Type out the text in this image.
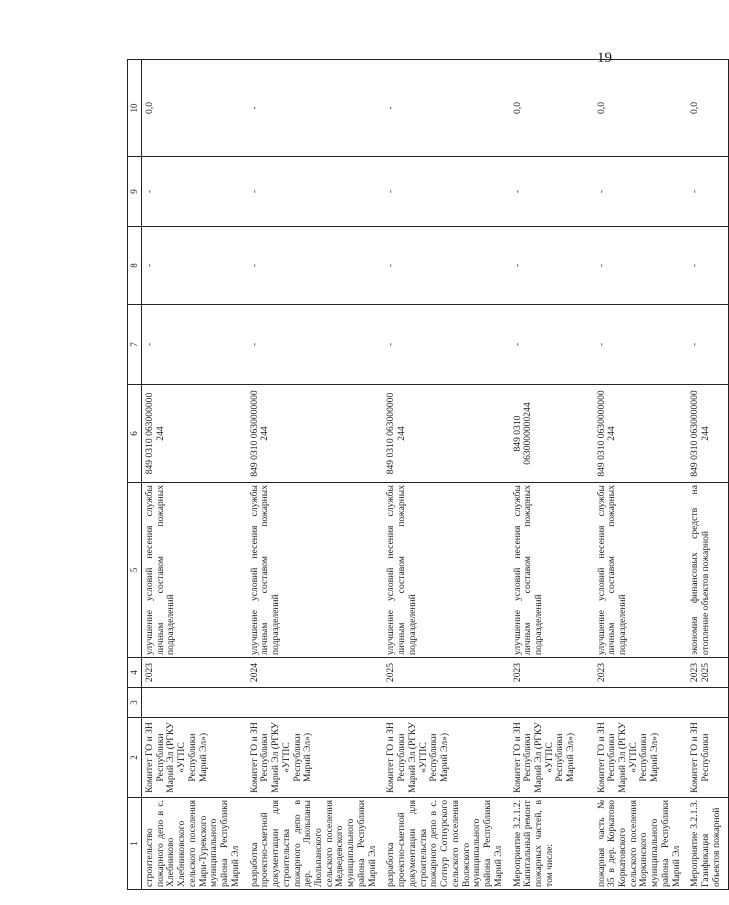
19
1	2	3	4	5	6	7	8	9	10
строительство пожарного депо в с. Хлебниково Хлебниковского сельского поселения Мари-Турекского муниципального района Республики Марий Эл	Комитет ГО и ЗН Республики Марий Эл (РГКУ «УГПС Республики Марий Эл»)		2023	улучшение условий несения службы личным составом пожарных подразделений	849 0310 063000000 244	-	-	-	0,0
разработка проектно-сметной документации для строительства пожарного депо в дер. Люльпаны Люльпанского сельского поселения Медведевского муниципального района Республики Марий Эл	Комитет ГО и ЗН Республики Марий Эл (РГКУ «УГПС Республики Марий Эл»)		2024	улучшение условий несения службы личным составом пожарных подразделений	849 0310 0630000000 244	-	-	-	-
разработка проектно-сметной документации для строительства пожарного депо в с. Сотнур Сотнурского сельского поселения Волжского муниципального района Республики Марий Эл	Комитет ГО и ЗН Республики Марий Эл (РГКУ «УГПС Республики Марий Эл»)		2025	улучшение условий несения службы личным составом пожарных подразделений	849 0310 063000000 244	-	-	-	-
Мероприятие 3.2.1.2. Капитальный ремонт пожарных частей, в том числе:	Комитет ГО и ЗН Республики Марий Эл (РГКУ «УГПС Республики Марий Эл»)		2023	улучшение условий несения службы личным составом пожарных подразделений	849 0310 0630000000244	-	-	-	0,0
пожарная часть № 35 в дер. Коркатово Коркатовского сельского поселения Моркинского муниципального района Республики Марий Эл	Комитет ГО и ЗН Республики Марий Эл (РГКУ «УГПС Республики Марий Эл»)		2023	улучшение условий несения службы личным составом пожарных подразделений	849 0310 0630000000 244	-	-	-	0,0
Мероприятие 3.2.1.3. Газификация объектов пожарной	Комитет ГО и ЗН Республики		2023 2025	экономия финансовых средств на отопление объектов пожарной	849 0310 0630000000 244	-	-	-	0,0
